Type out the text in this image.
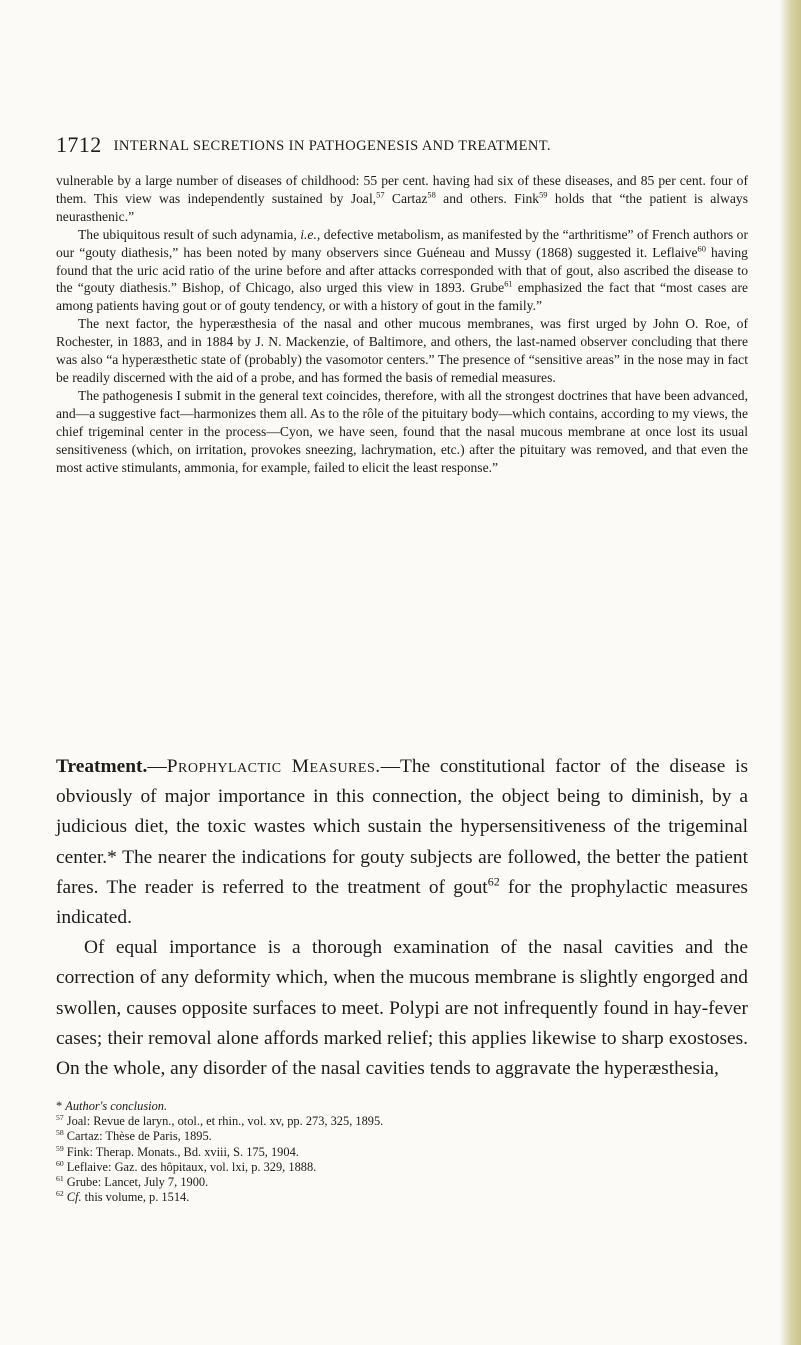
1712 INTERNAL SECRETIONS IN PATHOGENESIS AND TREATMENT.

vulnerable by a large number of diseases of childhood: 55 per cent. having had six of these diseases, and 85 per cent. four of them. This view was independently sustained by Joal,$^{57}$ Cartaz$^{58}$ and others. Fink$^{59}$ holds that “the patient is always neurasthenic.”

The ubiquitous result of such adynamia, i.e., defective metabolism, as manifested by the “arthritisme” of French authors or our “gouty diathesis,” has been noted by many observers since Guéneau and Mussy (1868) suggested it. Leflaive$^{60}$ having found that the uric acid ratio of the urine before and after attacks corresponded with that of gout, also ascribed the disease to the “gouty diathesis.” Bishop, of Chicago, also urged this view in 1893. Grube$^{61}$ emphasized the fact that “most cases are among patients having gout or of gouty tendency, or with a history of gout in the family.”

The next factor, the hyperæsthesia of the nasal and other mucous membranes, was first urged by John O. Roe, of Rochester, in 1883, and in 1884 by J. N. Mackenzie, of Baltimore, and others, the last-named observer concluding that there was also “a hyperæsthetic state of (probably) the vasomotor centers.” The presence of “sensitive areas” in the nose may in fact be readily discerned with the aid of a probe, and has formed the basis of remedial measures.

The pathogenesis I submit in the general text coincides, therefore, with all the strongest doctrines that have been advanced, and—a suggestive fact—harmonizes them all. As to the rôle of the pituitary body—which contains, according to my views, the chief trigeminal center in the process—Cyon, we have seen, found that the nasal mucous membrane at once lost its usual sensitiveness (which, on irritation, provokes sneezing, lachrymation, etc.) after the pituitary was removed, and that even the most active stimulants, ammonia, for example, failed to elicit the least response.”

Treatment.—Prophylactic Measures.—The constitutional factor of the disease is obviously of major importance in this connection, the object being to diminish, by a judicious diet, the toxic wastes which sustain the hypersensitiveness of the trigeminal center.* The nearer the indications for gouty subjects are followed, the better the patient fares. The reader is referred to the treatment of gout$^{62}$ for the prophylactic measures indicated.

Of equal importance is a thorough examination of the nasal cavities and the correction of any deformity which, when the mucous membrane is slightly engorged and swollen, causes opposite surfaces to meet. Polypi are not infrequently found in hay-fever cases; their removal alone affords marked relief; this applies likewise to sharp exostoses. On the whole, any disorder of the nasal cavities tends to aggravate the hyperæsthesia,

* Author's conclusion.
$^{57}$ Joal: Revue de laryn., otol., et rhin., vol. xv, pp. 273, 325, 1895.
$^{58}$ Cartaz: Thèse de Paris, 1895.
$^{59}$ Fink: Therap. Monats., Bd. xviii, S. 175, 1904.
$^{60}$ Leflaive: Gaz. des hôpitaux, vol. lxi, p. 329, 1888.
$^{61}$ Grube: Lancet, July 7, 1900.
$^{62}$ Cf. this volume, p. 1514.
